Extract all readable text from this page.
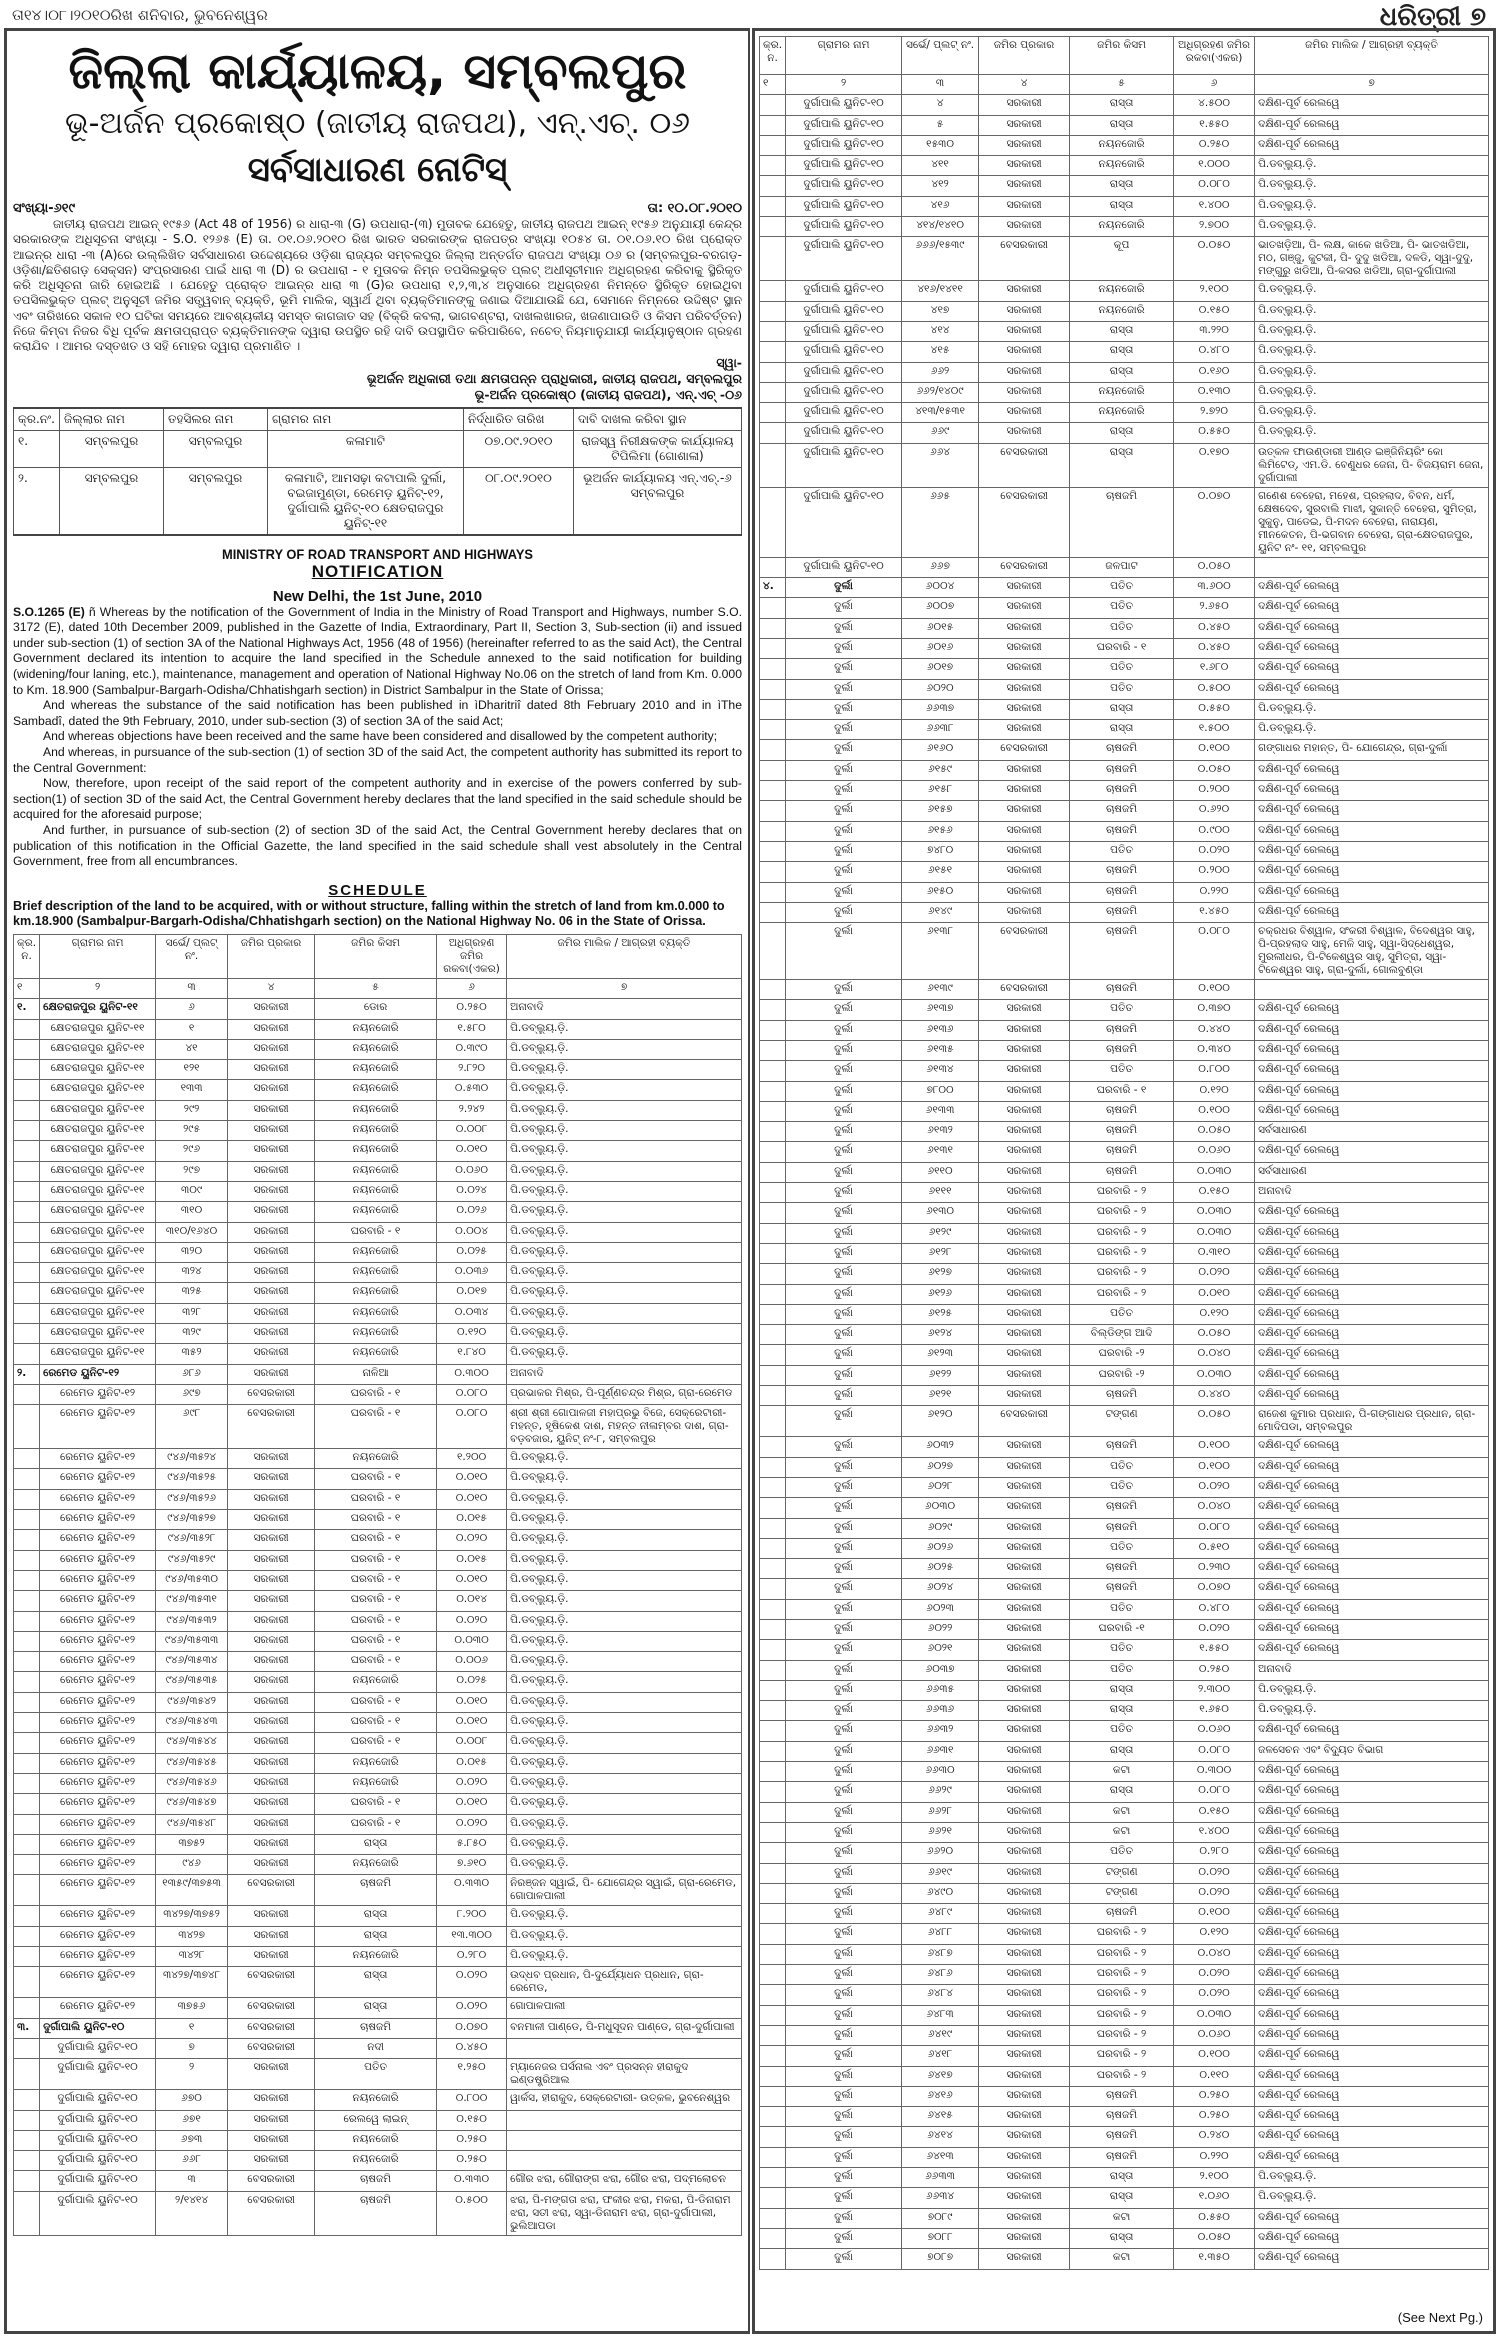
ତା୧୪।୦୮।୨୦୧୦ରିଖ ଶନିବାର, ଭୁବନେଶ୍ୱର	ଧରିତ୍ରୀ ୭
ଜିଲ୍ଲା କାର୍ଯ୍ୟାଳୟ, ସମ୍ବଲପୁର
ଭୂ-ଅର୍ଜନ ପ୍ରକୋଷ୍ଠ (ଜାତୀୟ ରାଜପଥ), ଏନ୍.ଏଚ୍. ୦୬
ସର୍ବସାଧାରଣ ନୋଟିସ୍
ସଂଖ୍ୟା-୬୧୯	ତା: ୧୦.୦୮.୨୦୧୦

ଜାତୀୟ ରାଜପଥ ଆଇନ୍ ୧୯୫୬ (Act 48 of 1956) ର ଧାରା-୩ (G) ଉପଧାରା-(୩) ମୁତାବକ ଯେହେତୁ, ଜାତୀୟ ରାଜପଥ ଆଇନ୍ ୧୯୫୬ ଅନୁଯାୟୀ କେନ୍ଦ୍ର ସରକାରଙ୍କ ଅଧିସୂଚନା ସଂଖ୍ୟା - S.O. ୧୨୬୫ (E) ତା. ୦୧.୦୬.୨୦୧୦ ରିଖ ଭାରତ ସରକାରଙ୍କ ରାଜପତ୍ର ସଂଖ୍ୟା ୧୦୫୪ ତା. ୦୧.୦୬.୧୦ ରିଖ ପ୍ରୋକ୍ତ ଆଇନ୍‌ର ଧାରା -୩ (A)ରେ ଉଲ୍ଲିଖିତ ସର୍ବସାଧାରଣ ଉଦ୍ଦେଶ୍ୟରେ ଓଡ଼ିଶା ରାଜ୍ୟର ସମ୍ବଲପୁର ଜିଲ୍ଲା ଅନ୍ତର୍ଗତ ରାଜପଥ ସଂଖ୍ୟା ୦୬ ର (ସମ୍ବଲପୁର-ବରଗଡ଼-ଓଡ଼ିଶା/ଛତିଶଗଡ଼ ସେକ୍ସନ) ସଂପ୍ରସାରଣ ପାଇଁ ଧାରା ୩ (D) ର ଉପଧାରା - ୧ ମୁତାବକ ନିମ୍ନ ତପସିଲଭୁକ୍ତ ପ୍ଲଟ୍ ଅଧୀସୂଚୀମାନ ଅଧିଗ୍ରହଣ କରିବାକୁ ସ୍ଥିରିକୃତ କରି ଅଧିସୂଚନା ଜାରି ହୋଇଅଛି । ଯେହେତୁ ପ୍ରୋକ୍ତ ଆଇନ୍‌ର ଧାରା ୩ (G)ର ଉପଧାରା ୧,୨,୩,୪ ଅନୁସାରେ ଅଧିଗ୍ରହଣ ନିମନ୍ତେ ସ୍ଥିରିକୃତ ହୋଇଥିବା ତପସିଲଭୁକ୍ତ ପ୍ଲଟ୍ ଅନୁସୂଚୀ ଜମିର ସତ୍ତ୍ୱବାନ୍ ବ୍ୟକ୍ତି, ଭୂମି ମାଲିକ, ସ୍ୱାର୍ଥ ଥିବା ବ୍ୟକ୍ତିମାନଙ୍କୁ ଜଣାଇ ଦିଆଯାଉଛି ଯେ, ସେମାନେ ନିମ୍ନରେ ଉଦ୍ଦିଷ୍ଟ ସ୍ଥାନ ଏବଂ ତାରିଖରେ ସକାଳ ୧୦ ଘଟିକା ସମୟରେ ଆବଶ୍ୟକୀୟ ସମସ୍ତ କାଗଜାତ ସହ (ବିକ୍ରି କବଲା, ଭାଗବଣ୍ଟରା, ଦାଖଲଖାରଜ, ଖଜଣାପାଉତି ଓ କିସମ ପରିବର୍ତ୍ତନ) ନିଜେ କିମ୍ବା ନିଜର ବିଧି ପୂର୍ବକ କ୍ଷମତାପ୍ରାପ୍ତ ବ୍ୟକ୍ତିମାନଙ୍କ ଦ୍ୱାରା ଉପସ୍ଥିତ ରହି ଦାବି ଉପସ୍ଥାପିତ କରିପାରିବେ, ନଚେତ୍ ନିୟମାନୁଯାୟୀ କାର୍ଯ୍ୟାନୁଷ୍ଠାନ ଗ୍ରହଣ କରାଯିବ । ଆମର ଦସ୍ତଖତ ଓ ସହି ମୋହର ଦ୍ୱାରା ପ୍ରମାଣିତ ।

ସ୍ୱା-
ଭୂଅର୍ଜନ ଅଧିକାରୀ ତଥା କ୍ଷମତାପନ୍ନ ପ୍ରାଧିକାରୀ, ଜାତୀୟ ରାଜପଥ, ସମ୍ବଲପୁର
ଭୂ-ଅର୍ଜନ ପ୍ରକୋଷ୍ଠ (ଜାତୀୟ ରାଜପଥ), ଏନ୍.ଏଚ୍ -୦୬
କ୍ର.ନଂ.	ଜିଲ୍ଲାର ନାମ	ତହସିଲର ନାମ	ଗ୍ରାମର ନାମ	ନିର୍ଦ୍ଧାରିତ ତାରିଖ	ଦାବି ଦାଖଲ କରିବା ସ୍ଥାନ
୧.	ସମ୍ବଲପୁର	ସମ୍ବଲପୁର	କଳାମାଟି	୦୭.୦୯.୨୦୧୦	ରାଜସ୍ୱ ନିରୀକ୍ଷକଙ୍କ କାର୍ଯ୍ୟାଳୟ ଟିପିଲିମା (ଗୋଶାଳା)
୨.	ସମ୍ବଲପୁର	ସମ୍ବଲପୁର	କଳାମାଟି, ଆମସଢ଼ା କଟାପାଲି ଦୁର୍ଲା, ବଇଜାମୁଣ୍ଡା, ରେମେଡ଼ ୟୁନିଟ୍-୧୨, ଦୁର୍ଗାପାଲି ୟୁନିଟ୍-୧୦ କ୍ଷେତରାଜପୁର ୟୁନିଟ୍-୧୧	୦୮.୦୯.୨୦୧୦	ଭୂଅର୍ଜନ କାର୍ଯ୍ୟାଳୟ ଏନ୍.ଏଚ୍.-୬ ସମ୍ବଲପୁର
MINISTRY OF ROAD TRANSPORT AND HIGHWAYS
NOTIFICATION
New Delhi, the 1st June, 2010

S.O.1265 (E) ñ Whereas by the notification of the Government of India in the Ministry of Road Transport and Highways, number S.O. 3172 (E), dated 10th December 2009, published in the Gazette of India, Extraordinary, Part II, Section 3, Sub-section (ii) and issued under sub-section (1) of section 3A of the National Highways Act, 1956 (48 of 1956) (hereinafter referred to as the said Act), the Central Government declared its intention to acquire the land specified in the Schedule annexed to the said notification for building (widening/four laning, etc.), maintenance, management and operation of National Highway No.06 on the stretch of land from Km. 0.000 to Km. 18.900 (Sambalpur-Bargarh-Odisha/Chhatishgarh section) in District Sambalpur in the State of Orissa;

And whereas the substance of the said notification has been published in ìDharitriî dated 8th February 2010 and in ìThe Sambadî, dated the 9th February, 2010, under sub-section (3) of section 3A of the said Act;

And whereas objections have been received and the same have been considered and disallowed by the competent authority;

And whereas, in pursuance of the sub-section (1) of section 3D of the said Act, the competent authority has submitted its report to the Central Government:

Now, therefore, upon receipt of the said report of the competent authority and in exercise of the powers conferred by sub-section(1) of section 3D of the said Act, the Central Government hereby declares that the land specified in the said schedule should be acquired for the aforesaid purpose;

And further, in pursuance of sub-section (2) of section 3D of the said Act, the Central Government hereby declares that on publication of this notification in the Official Gazette, the land specified in the said schedule shall vest absolutely in the Central Government, free from all encumbrances.

SCHEDULE

Brief description of the land to be acquired, with or without structure, falling within the stretch of land from km.0.000 to km.18.900 (Sambalpur-Bargarh-Odisha/Chhatishgarh section) on the National Highway No. 06 in the State of Orissa.

କ୍ର. ନ.	ଗ୍ରାମର ନାମ	ସର୍ଭେ/ ପ୍ଲଟ୍ ନଂ.	ଜମିର ପ୍ରକାର	ଜମିର କିସମ	ଅଧିଗ୍ରହଣ ଜମିର ରକବା(ଏକର)	ଜମିର ମାଲିକ / ଆଗ୍ରହୀ ବ୍ୟକ୍ତି
୧	୨	୩	୪	୫	୬	୭
୧.	କ୍ଷେତରାଜପୁର ୟୁନିଟ-୧୧	୬	ସରକାରୀ	ଡୋର	୦.୨୫୦	ଅନାବାଦି
	କ୍ଷେତରାଜପୁର ୟୁନିଟ-୧୧	୧	ସରକାରୀ	ନୟନଜୋରି	୧.୫୮୦	ପି.ଡବ୍ଲ୍ୟୁ.ଡ଼ି.
	କ୍ଷେତରାଜପୁର ୟୁନିଟ-୧୧	୪୧	ସରକାରୀ	ନୟନଜୋରି	୦.୩୯୦	ପି.ଡବ୍ଲ୍ୟୁ.ଡ଼ି.
	କ୍ଷେତରାଜପୁର ୟୁନିଟ-୧୧	୧୨୧	ସରକାରୀ	ନୟନଜୋରି	୨.୮୨୦	ପି.ଡବ୍ଲ୍ୟୁ.ଡ଼ି.
	କ୍ଷେତରାଜପୁର ୟୁନିଟ-୧୧	୧୩୩	ସରକାରୀ	ନୟନଜୋରି	୦.୫୩୦	ପି.ଡବ୍ଲ୍ୟୁ.ଡ଼ି.
	କ୍ଷେତରାଜପୁର ୟୁନିଟ-୧୧	୨୯୨	ସରକାରୀ	ନୟନଜୋରି	୨.୨୪୨	ପି.ଡବ୍ଲ୍ୟୁ.ଡ଼ି.
	କ୍ଷେତରାଜପୁର ୟୁନିଟ-୧୧	୨୯୫	ସରକାରୀ	ନୟନଜୋରି	୦.୦୦୮	ପି.ଡବ୍ଲ୍ୟୁ.ଡ଼ି.
	କ୍ଷେତରାଜପୁର ୟୁନିଟ-୧୧	୨୯୬	ସରକାରୀ	ନୟନଜୋରି	୦.୦୧୦	ପି.ଡବ୍ଲ୍ୟୁ.ଡ଼ି.
	କ୍ଷେତରାଜପୁର ୟୁନିଟ-୧୧	୨୯୭	ସରକାରୀ	ନୟନଜୋରି	୦.୦୬୦	ପି.ଡବ୍ଲ୍ୟୁ.ଡ଼ି.
	କ୍ଷେତରାଜପୁର ୟୁନିଟ-୧୧	୩୦୯	ସରକାରୀ	ନୟନଜୋରି	୦.୦୨୪	ପି.ଡବ୍ଲ୍ୟୁ.ଡ଼ି.
	କ୍ଷେତରାଜପୁର ୟୁନିଟ-୧୧	୩୧୦	ସରକାରୀ	ନୟନଜୋରି	୦.୦୨୬	ପି.ଡବ୍ଲ୍ୟୁ.ଡ଼ି.
	କ୍ଷେତରାଜପୁର ୟୁନିଟ-୧୧	୩୧୦/୧୬୪୦	ସରକାରୀ	ଘରବାରି - ୧	୦.୦୦୪	ପି.ଡବ୍ଲ୍ୟୁ.ଡ଼ି.
	କ୍ଷେତରାଜପୁର ୟୁନିଟ-୧୧	୩୨୦	ସରକାରୀ	ନୟନଜୋରି	୦.୦୨୫	ପି.ଡବ୍ଲ୍ୟୁ.ଡ଼ି.
	କ୍ଷେତରାଜପୁର ୟୁନିଟ-୧୧	୩୨୪	ସରକାରୀ	ନୟନଜୋରି	୦.୦୩୬	ପି.ଡବ୍ଲ୍ୟୁ.ଡ଼ି.
	କ୍ଷେତରାଜପୁର ୟୁନିଟ-୧୧	୩୨୫	ସରକାରୀ	ନୟନଜୋରି	୦.୦୧୭	ପି.ଡବ୍ଲ୍ୟୁ.ଡ଼ି.
	କ୍ଷେତରାଜପୁର ୟୁନିଟ-୧୧	୩୨୮	ସରକାରୀ	ନୟନଜୋରି	୦.୦୩୪	ପି.ଡବ୍ଲ୍ୟୁ.ଡ଼ି.
	କ୍ଷେତରାଜପୁର ୟୁନିଟ-୧୧	୩୨୯	ସରକାରୀ	ନୟନଜୋରି	୦.୧୨୦	ପି.ଡବ୍ଲ୍ୟୁ.ଡ଼ି.
	କ୍ଷେତରାଜପୁର ୟୁନିଟ-୧୧	୩୫୨	ସରକାରୀ	ନୟନଜୋରି	୧.୮୪୦	ପି.ଡବ୍ଲ୍ୟୁ.ଡ଼ି.
୨.	ରେମେଡ ୟୁନିଟ-୧୨	୬୮୬	ସରକାରୀ	ନାଳିଆ	୦.୩୦୦	ଅନାବାଦି
	ରେମେଡ ୟୁନିଟ-୧୨	୬୯୭	ବେସରକାରୀ	ଘରବାରି - ୧	୦.୦୮୦	ପ୍ରଭାକର ମିଶ୍ର, ପି-ପୂର୍ଣ୍ଣଚନ୍ଦ୍ର ମିଶ୍ର, ଗ୍ରା-ରେମେଡ
	ରେମେଡ ୟୁନିଟ-୧୨	୬୯୮	ବେସରକାରୀ	ଘରବାରି - ୧	୦.୦୮୦	ଶ୍ରୀ ଶ୍ରୀ ଗୋପାଳଜୀ ମହାପ୍ରଭୁ ବିଜେ, ସେକ୍ରେଟାରୀ-ମହନ୍ତ, ହୃଷିକେଶ ଦାଶ, ମହନ୍ତ ନୀଳାମ୍ବର ଦାଶ, ଗ୍ରା-ବଡ଼ବଜାର, ୟୁନିଟ୍ ନଂ-୮, ସମ୍ବଲପୁର
	ରେମେଡ ୟୁନିଟ-୧୨	୯୪୬/୩୫୨୪	ସରକାରୀ	ନୟନଜୋରି	୧.୨୦୦	ପି.ଡବ୍ଲ୍ୟୁ.ଡ଼ି.
	ରେମେଡ ୟୁନିଟ-୧୨	୯୪୬/୩୫୨୫	ସରକାରୀ	ଘରବାରି - ୧	୦.୦୧୦	ପି.ଡବ୍ଲ୍ୟୁ.ଡ଼ି.
	ରେମେଡ ୟୁନିଟ-୧୨	୯୪୬/୩୫୨୬	ସରକାରୀ	ଘରବାରି - ୧	୦.୦୧୦	ପି.ଡବ୍ଲ୍ୟୁ.ଡ଼ି.
	ରେମେଡ ୟୁନିଟ-୧୨	୯୪୬/୩୫୨୭	ସରକାରୀ	ଘରବାରି - ୧	୦.୦୧୫	ପି.ଡବ୍ଲ୍ୟୁ.ଡ଼ି.
	ରେମେଡ ୟୁନିଟ-୧୨	୯୪୬/୩୫୨୮	ସରକାରୀ	ଘରବାରି - ୧	୦.୦୨୦	ପି.ଡବ୍ଲ୍ୟୁ.ଡ଼ି.
	ରେମେଡ ୟୁନିଟ-୧୨	୯୪୬/୩୫୨୯	ସରକାରୀ	ଘରବାରି - ୧	୦.୦୧୫	ପି.ଡବ୍ଲ୍ୟୁ.ଡ଼ି.
	ରେମେଡ ୟୁନିଟ-୧୨	୯୪୬/୩୫୩୦	ସରକାରୀ	ଘରବାରି - ୧	୦.୦୧୦	ପି.ଡବ୍ଲ୍ୟୁ.ଡ଼ି.
	ରେମେଡ ୟୁନିଟ-୧୨	୯୪୬/୩୫୩୧	ସରକାରୀ	ଘରବାରି - ୧	୦.୦୧୪	ପି.ଡବ୍ଲ୍ୟୁ.ଡ଼ି.
	ରେମେଡ ୟୁନିଟ-୧୨	୯୪୬/୩୫୩୨	ସରକାରୀ	ଘରବାରି - ୧	୦.୦୨୦	ପି.ଡବ୍ଲ୍ୟୁ.ଡ଼ି.
	ରେମେଡ ୟୁନିଟ-୧୨	୯୪୬/୩୫୩୩	ସରକାରୀ	ଘରବାରି - ୧	୦.୦୩୦	ପି.ଡବ୍ଲ୍ୟୁ.ଡ଼ି.
	ରେମେଡ ୟୁନିଟ-୧୨	୯୪୬/୩୫୩୪	ସରକାରୀ	ଘରବାରି - ୧	୦.୦୦୬	ପି.ଡବ୍ଲ୍ୟୁ.ଡ଼ି.
	ରେମେଡ ୟୁନିଟ-୧୨	୯୪୬/୩୫୩୫	ସରକାରୀ	ନୟନଜୋରି	୦.୦୨୫	ପି.ଡବ୍ଲ୍ୟୁ.ଡ଼ି.
	ରେମେଡ ୟୁନିଟ-୧୨	୯୪୬/୩୫୪୨	ସରକାରୀ	ଘରବାରି - ୧	୦.୦୧୦	ପି.ଡବ୍ଲ୍ୟୁ.ଡ଼ି.
	ରେମେଡ ୟୁନିଟ-୧୨	୯୪୬/୩୫୪୩	ସରକାରୀ	ଘରବାରି - ୧	୦.୦୧୦	ପି.ଡବ୍ଲ୍ୟୁ.ଡ଼ି.
	ରେମେଡ ୟୁନିଟ-୧୨	୯୪୬/୩୫୪୪	ସରକାରୀ	ଘରବାରି - ୧	୦.୦୦୮	ପି.ଡବ୍ଲ୍ୟୁ.ଡ଼ି.
	ରେମେଡ ୟୁନିଟ-୧୨	୯୪୬/୩୫୪୫	ସରକାରୀ	ନୟନଜୋରି	୦.୦୧୫	ପି.ଡବ୍ଲ୍ୟୁ.ଡ଼ି.
	ରେମେଡ ୟୁନିଟ-୧୨	୯୪୬/୩୫୪୬	ସରକାରୀ	ନୟନଜୋରି	୦.୦୨୦	ପି.ଡବ୍ଲ୍ୟୁ.ଡ଼ି.
	ରେମେଡ ୟୁନିଟ-୧୨	୯୪୬/୩୫୪୭	ସରକାରୀ	ଘରବାରି - ୧	୦.୦୧୦	ପି.ଡବ୍ଲ୍ୟୁ.ଡ଼ି.
	ରେମେଡ ୟୁନିଟ-୧୨	୯୪୬/୩୫୪୮	ସରକାରୀ	ଘରବାରି - ୧	୦.୦୨୦	ପି.ଡବ୍ଲ୍ୟୁ.ଡ଼ି.
	ରେମେଡ ୟୁନିଟ-୧୨	୩୭୫୨	ସରକାରୀ	ରାସ୍ତା	୫.୮୫୦	ପି.ଡବ୍ଲ୍ୟୁ.ଡ଼ି.
	ରେମେଡ ୟୁନିଟ-୧୨	୯୪୬	ସରକାରୀ	ନୟନଜୋରି	୭.୬୧୦	ପି.ଡବ୍ଲ୍ୟୁ.ଡ଼ି.
	ରେମେଡ ୟୁନିଟ-୧୨	୧୩୫୯/୩୭୫୩	ବେସରକାରୀ	ଚାଷଜମି	୦.୩୩୦	ନିରଞ୍ଜନ ସ୍ୱାଇଁ, ପି- ଯୋଗେନ୍ଦ୍ର ସ୍ୱାଇଁ, ଗ୍ରା-ରେମେଡ, ଗୋପାଳପାଲୀ
	ରେମେଡ ୟୁନିଟ-୧୨	୩୪୨୭/୩୭୫୨	ସରକାରୀ	ରାସ୍ତା	୮.୨୦୦	ପି.ଡବ୍ଲ୍ୟୁ.ଡ଼ି.
	ରେମେଡ ୟୁନିଟ-୧୨	୩୪୨୭	ସରକାରୀ	ରାସ୍ତା	୧୩.୩୦୦	ପି.ଡବ୍ଲ୍ୟୁ.ଡ଼ି.
	ରେମେଡ ୟୁନିଟ-୧୨	୩୪୨୮	ସରକାରୀ	ନୟନଜୋରି	୦.୨୮୦	ପି.ଡବ୍ଲ୍ୟୁ.ଡ଼ି.
	ରେମେଡ ୟୁନିଟ-୧୨	୩୪୨୭/୩୭୪୮	ବେସରକାରୀ	ରାସ୍ତା	୦.୦୨୦	ଉଦ୍ଧବ ପ୍ରଧାନ, ପି-ଦୁର୍ଯ୍ୟୋଧନ ପ୍ରଧାନ, ଗ୍ରା-ରେମେଡ,
	ରେମେଡ ୟୁନିଟ-୧୨	୩୭୫୬	ବେସରକାରୀ	ରାସ୍ତା	୦.୦୨୦	ଗୋପାଳପାଲୀ
୩.	ଦୁର୍ଗାପାଲି ୟୁନିଟ-୧୦	୧	ବେସରକାରୀ	ଚାଷଜମି	୦.୦୭୦	ବନମାଳୀ ପାଣ୍ଡେ, ପି-ମଧୁସୂଦନ ପାଣ୍ଡେ, ଗ୍ରା-ଦୁର୍ଗାପାଲୀ
	ଦୁର୍ଗାପାଲି ୟୁନିଟ-୧୦	୭	ବେସରକାରୀ	ନଦୀ	୦.୪୫୦	
	ଦୁର୍ଗାପାଲି ୟୁନିଟ-୧୦	୨	ସରକାରୀ	ପତିତ	୧.୨୫୦	ମ୍ୟାନେଜର ପର୍ସନାଲ ଏବଂ ପ୍ରସନ୍ନ ହୀରାକୁଦ ଇଣ୍ଡଷ୍ଟ୍ରିଆଲ
	ଦୁର୍ଗାପାଲି ୟୁନିଟ-୧୦	୬୭୦	ସରକାରୀ	ନୟନଜୋରି	୦.୮୦୦	ୱାର୍କସ, ହୀରାକୁଦ, ସେକ୍ରେଟାରୀ- ଉତ୍କଳ, ଭୁବନେଶ୍ୱର
	ଦୁର୍ଗାପାଲି ୟୁନିଟ-୧୦	୬୭୧	ସରକାରୀ	ରେଲୱେ ଲାଇନ୍	୦.୧୫୦	
	ଦୁର୍ଗାପାଲି ୟୁନିଟ-୧୦	୬୭୩	ସରକାରୀ	ନୟନଜୋରି	୦.୨୫୦	
	ଦୁର୍ଗାପାଲି ୟୁନିଟ-୧୦	୬୬୮	ସରକାରୀ	ନୟନଜୋରି	୦.୨୫୦	
	ଦୁର୍ଗାପାଲି ୟୁନିଟ-୧୦	୩	ବେସରକାରୀ	ଚାଷଜମି	୦.୩୩୦	ଗୌର ଝରା, ଗୌରାଙ୍ଗ ଝରା, ଗୌର ଝରା, ପଦ୍ମଲୋଚନ
	ଦୁର୍ଗାପାଲି ୟୁନିଟ-୧୦	୨/୧୪୧୪	ବେସରକାରୀ	ଚାଷଜମି	୦.୫୦୦	ଝରା, ପି-ମଙ୍ଗତା ଝରା, ଫକୀର ଝରା, ମକରା, ପି-ଡିନାରାମ ଝରା, ସତୀ ଝରା, ସ୍ୱା-ଡିନାରାମ ଝରା, ଗ୍ରା-ଦୁର୍ଗାପାଲୀ, ଭୁଲିଆପଡା
କ୍ର. ନ.	ଗ୍ରାମର ନାମ	ସର୍ଭେ/ ପ୍ଲଟ୍ ନଂ.	ଜମିର ପ୍ରକାର	ଜମିର କିସମ	ଅଧିଗ୍ରହଣ ଜମିର ରକବା(ଏକର)	ଜମିର ମାଲିକ / ଆଗ୍ରହୀ ବ୍ୟକ୍ତି
୧	୨	୩	୪	୫	୬	୭
	ଦୁର୍ଗାପାଲି ୟୁନିଟ-୧୦	୪	ସରକାରୀ	ରାସ୍ତା	୪.୫୦୦	ଦକ୍ଷିଣ-ପୂର୍ବ ରେଲୱେ
	ଦୁର୍ଗାପାଲି ୟୁନିଟ-୧୦	୫	ସରକାରୀ	ରାସ୍ତା	୧.୫୫୦	ଦକ୍ଷିଣ-ପୂର୍ବ ରେଲୱେ
	ଦୁର୍ଗାପାଲି ୟୁନିଟ-୧୦	୧୫୩୦	ସରକାରୀ	ନୟନଜୋରି	୦.୨୫୦	ଦକ୍ଷିଣ-ପୂର୍ବ ରେଲୱେ
	ଦୁର୍ଗାପାଲି ୟୁନିଟ-୧୦	୪୧୧	ସରକାରୀ	ନୟନଜୋରି	୧.୦୦୦	ପି.ଡବ୍ଲ୍ୟୁ.ଡ଼ି.
	ଦୁର୍ଗାପାଲି ୟୁନିଟ-୧୦	୪୧୨	ସରକାରୀ	ରାସ୍ତା	୦.୦୮୦	ପି.ଡବ୍ଲ୍ୟୁ.ଡ଼ି.
	ଦୁର୍ଗାପାଲି ୟୁନିଟ-୧୦	୪୧୬	ସରକାରୀ	ରାସ୍ତା	୧.୪୦୦	ପି.ଡବ୍ଲ୍ୟୁ.ଡ଼ି.
	ଦୁର୍ଗାପାଲି ୟୁନିଟ-୧୦	୪୧୪/୧୪୧୦	ସରକାରୀ	ନୟନଜୋରି	୨.୭୦୦	ପି.ଡବ୍ଲ୍ୟୁ.ଡ଼ି.
	ଦୁର୍ଗାପାଲି ୟୁନିଟ-୧୦	୬୬୬/୧୫୩୯	ବେସରକାରୀ	କୂପ	୦.୦୫୦	ଭାତଖଡ଼ିଆ, ପି- ଲକ୍ଷ, କାକେ ଖଡିଆ, ପି- ଭାତଖଡିଆ, ମଠ, ଗଞ୍ଜୁ, କୁଟକୀ, ପି- ଦୁଦୁ ଖଡିଆ, ଦଳଡି, ସ୍ୱା-ଦୁଦୁ, ମଙ୍ଗୁରୁ ଖଡିଆ, ପି-କସର ଖଡିଆ, ଗ୍ରା-ଦୁର୍ଗାପାଲୀ
	ଦୁର୍ଗାପାଲି ୟୁନିଟ-୧୦	୪୧୬/୧୪୧୧	ସରକାରୀ	ନୟନଜୋରି	୨.୧୦୦	ପି.ଡବ୍ଲ୍ୟୁ.ଡ଼ି.
	ଦୁର୍ଗାପାଲି ୟୁନିଟ-୧୦	୪୧୭	ସରକାରୀ	ନୟନଜୋରି	୦.୧୫୦	ପି.ଡବ୍ଲ୍ୟୁ.ଡ଼ି.
	ଦୁର୍ଗାପାଲି ୟୁନିଟ-୧୦	୪୧୪	ସରକାରୀ	ରାସ୍ତା	୩.୨୨୦	ପି.ଡବ୍ଲ୍ୟୁ.ଡ଼ି.
	ଦୁର୍ଗାପାଲି ୟୁନିଟ-୧୦	୪୧୫	ସରକାରୀ	ରାସ୍ତା	୦.୪୮୦	ପି.ଡବ୍ଲ୍ୟୁ.ଡ଼ି.
	ଦୁର୍ଗାପାଲି ୟୁନିଟ-୧୦	୬୬୨	ସରକାରୀ	ରାସ୍ତା	୦.୧୬୦	ପି.ଡବ୍ଲ୍ୟୁ.ଡ଼ି.
	ଦୁର୍ଗାପାଲି ୟୁନିଟ-୧୦	୬୬୨/୧୪୦୯	ସରକାରୀ	ନୟନଜୋରି	୦.୧୩୦	ପି.ଡବ୍ଲ୍ୟୁ.ଡ଼ି.
	ଦୁର୍ଗାପାଲି ୟୁନିଟ-୧୦	୪୧୩/୧୫୩୧	ସରକାରୀ	ନୟନଜୋରି	୨.୭୨୦	ପି.ଡବ୍ଲ୍ୟୁ.ଡ଼ି.
	ଦୁର୍ଗାପାଲି ୟୁନିଟ-୧୦	୬୬୯	ସରକାରୀ	ରାସ୍ତା	୦.୫୫୦	ପି.ଡବ୍ଲ୍ୟୁ.ଡ଼ି.
	ଦୁର୍ଗାପାଲି ୟୁନିଟ-୧୦	୬୬୪	ବେସରକାରୀ	ରାସ୍ତା	୦.୧୭୦	ଉତ୍କଳ ଫାଉଣ୍ଡାରୀ ଆଣ୍ଡ ଇଞ୍ଜିନିୟରିଂ କୋ ଲିମିଟେଡ୍, ଏମ.ଡି. ବେଣୁଧର ଜେନା, ପି- ବିଜୟରାମ ଜେନା, ଦୁର୍ଗାପାଲୀ
	ଦୁର୍ଗାପାଲି ୟୁନିଟ-୧୦	୬୬୫	ବେସରକାରୀ	ଚାଷଜମି	୦.୦୭୦	ଗଣେଶ ବେହେରା, ମହେଶ, ପ୍ରହଲାଦ, ବିବନ, ଧର୍ମ, କ୍ଷେଷଦେବ, ସୁରବାଲି ମାଝୀ, ସୁକାନ୍ତି ବେହେରା, ସୁମିତ୍ରା, ସୁକୁନୁ, ପାଡେଇ, ପି-ମଦନ ବେହେରା, ନାରାୟଣ, ମୀନକେତନ, ପି-ଭଗବାନ ବେହେରା, ଗ୍ରା-କ୍ଷେତରାଜପୁର, ୟୁନିଟ ନଂ- ୧୧, ସମ୍ବଲପୁର
	ଦୁର୍ଗାପାଲି ୟୁନିଟ-୧୦	୬୬୭	ବେସରକାରୀ	ଜଳପାଟ	୦.୦୫୦	
୪.	ଦୁର୍ଲା	୬୦୦୪	ସରକାରୀ	ପତିତ	୩.୬୦୦	ଦକ୍ଷିଣ-ପୂର୍ବ ରେଲୱେ
	ଦୁର୍ଲା	୬୦୦୭	ସରକାରୀ	ପତିତ	୨.୬୫୦	ଦକ୍ଷିଣ-ପୂର୍ବ ରେଲୱେ
	ଦୁର୍ଲା	୬୦୧୫	ସରକାରୀ	ପତିତ	୦.୪୫୦	ଦକ୍ଷିଣ-ପୂର୍ବ ରେଲୱେ
	ଦୁର୍ଲା	୬୦୧୬	ସରକାରୀ	ଘରବାରି - ୧	୦.୪୫୦	ଦକ୍ଷିଣ-ପୂର୍ବ ରେଲୱେ
	ଦୁର୍ଲା	୬୦୧୭	ସରକାରୀ	ପତିତ	୧.୬୮୦	ଦକ୍ଷିଣ-ପୂର୍ବ ରେଲୱେ
	ଦୁର୍ଲା	୬୦୨୦	ସରକାରୀ	ପତିତ	୦.୫୦୦	ଦକ୍ଷିଣ-ପୂର୍ବ ରେଲୱେ
	ଦୁର୍ଲା	୬୬୩୭	ସରକାରୀ	ରାସ୍ତା	୦.୫୫୦	ପି.ଡବ୍ଲ୍ୟୁ.ଡ଼ି.
	ଦୁର୍ଲା	୬୬୩୮	ସରକାରୀ	ରାସ୍ତା	୧.୫୦୦	ପି.ଡବ୍ଲ୍ୟୁ.ଡ଼ି.
	ଦୁର୍ଲା	୬୧୬୦	ବେସରକାରୀ	ଚାଷଜମି	୦.୧୦୦	ଗଙ୍ଗାଧର ମହାନ୍ତ, ପି- ଯୋଗେନ୍ଦ୍ର, ଗ୍ରା-ଦୁର୍ଲା
	ଦୁର୍ଲା	୬୧୫୯	ସରକାରୀ	ଚାଷଜମି	୦.୦୫୦	ଦକ୍ଷିଣ-ପୂର୍ବ ରେଲୱେ
	ଦୁର୍ଲା	୬୧୫୮	ସରକାରୀ	ଚାଷଜମି	୦.୨୦୦	ଦକ୍ଷିଣ-ପୂର୍ବ ରେଲୱେ
	ଦୁର୍ଲା	୬୧୫୭	ସରକାରୀ	ଚାଷଜମି	୦.୬୨୦	ଦକ୍ଷିଣ-ପୂର୍ବ ରେଲୱେ
	ଦୁର୍ଲା	୬୧୫୬	ସରକାରୀ	ଚାଷଜମି	୦.୯୦୦	ଦକ୍ଷିଣ-ପୂର୍ବ ରେଲୱେ
	ଦୁର୍ଲା	୭୪୮୦	ସରକାରୀ	ପତିତ	୦.୦୨୦	ଦକ୍ଷିଣ-ପୂର୍ବ ରେଲୱେ
	ଦୁର୍ଲା	୬୧୫୧	ସରକାରୀ	ଚାଷଜମି	୦.୨୦୦	ଦକ୍ଷିଣ-ପୂର୍ବ ରେଲୱେ
	ଦୁର୍ଲା	୬୧୫୦	ସରକାରୀ	ଚାଷଜମି	୦.୨୨୦	ଦକ୍ଷିଣ-ପୂର୍ବ ରେଲୱେ
	ଦୁର୍ଲା	୬୧୪୯	ସରକାରୀ	ଚାଷଜମି	୧.୪୫୦	ଦକ୍ଷିଣ-ପୂର୍ବ ରେଲୱେ
	ଦୁର୍ଲା	୬୧୩୮	ବେସରକାରୀ	ଚାଷଜମି	୦.୦୮୦	ଚକ୍ରଧର ବିଶ୍ୱାଳ, ସଂକରୀ ବିଶ୍ୱାଳ, ବିଦେଶ୍ୱର ସାହୁ, ପି-ପ୍ରହଲାଦ ସାହୁ, ମେଳି ସାହୁ, ସ୍ୱା-ସିଦ୍ଧେଶ୍ୱର, ମୁରଲୀଧର, ପି-ଟିକେଶ୍ୱର ସାହୁ, ସୁମିତ୍ରା, ସ୍ୱା-ଟିକେଶ୍ୱର ସାହୁ, ଗ୍ରା-ଦୁର୍ଲା, ଗୋଲବୁଣ୍ଡା
	ଦୁର୍ଲା	୬୧୩୯	ବେସରକାରୀ	ଚାଷଜମି	୦.୧୦୦	
	ଦୁର୍ଲା	୬୧୩୭	ସରକାରୀ	ପତିତ	୦.୩୭୦	ଦକ୍ଷିଣ-ପୂର୍ବ ରେଲୱେ
	ଦୁର୍ଲା	୬୧୩୬	ସରକାରୀ	ଚାଷଜମି	୦.୪୪୦	ଦକ୍ଷିଣ-ପୂର୍ବ ରେଲୱେ
	ଦୁର୍ଲା	୬୧୩୫	ସରକାରୀ	ଚାଷଜମି	୦.୩୪୦	ଦକ୍ଷିଣ-ପୂର୍ବ ରେଲୱେ
	ଦୁର୍ଲା	୬୧୩୪	ସରକାରୀ	ପତିତ	୦.୮୦୦	ଦକ୍ଷିଣ-ପୂର୍ବ ରେଲୱେ
	ଦୁର୍ଲା	୭୮୦୦	ସରକାରୀ	ଘରବାରି - ୧	୦.୧୨୦	ଦକ୍ଷିଣ-ପୂର୍ବ ରେଲୱେ
	ଦୁର୍ଲା	୬୧୩୩	ସରକାରୀ	ଚାଷଜମି	୦.୧୦୦	ଦକ୍ଷିଣ-ପୂର୍ବ ରେଲୱେ
	ଦୁର୍ଲା	୬୧୩୨	ସରକାରୀ	ଚାଷଜମି	୦.୦୫୦	ସର୍ବସାଧାରଣ
	ଦୁର୍ଲା	୬୧୩୧	ସରକାରୀ	ଚାଷଜମି	୦.୦୬୦	ଦକ୍ଷିଣ-ପୂର୍ବ ରେଲୱେ
	ଦୁର୍ଲା	୬୧୧୦	ସରକାରୀ	ଚାଷଜମି	୦.୦୩୦	ସର୍ବସାଧାରଣ
	ଦୁର୍ଲା	୬୧୧୧	ସରକାରୀ	ଘରବାରି - ୨	୦.୧୫୦	ଅନାବାଦି
	ଦୁର୍ଲା	୬୧୩୦	ସରକାରୀ	ଘରବାରି - ୨	୦.୦୩୦	ଦକ୍ଷିଣ-ପୂର୍ବ ରେଲୱେ
	ଦୁର୍ଲା	୬୧୨୯	ସରକାରୀ	ଘରବାରି - ୨	୦.୦୩୦	ଦକ୍ଷିଣ-ପୂର୍ବ ରେଲୱେ
	ଦୁର୍ଲା	୬୧୨୮	ସରକାରୀ	ଘରବାରି - ୨	୦.୩୧୦	ଦକ୍ଷିଣ-ପୂର୍ବ ରେଲୱେ
	ଦୁର୍ଲା	୬୧୨୭	ସରକାରୀ	ଘରବାରି - ୨	୦.୦୨୦	ଦକ୍ଷିଣ-ପୂର୍ବ ରେଲୱେ
	ଦୁର୍ଲା	୬୧୨୬	ସରକାରୀ	ଘରବାରି - ୨	୦.୦୧୦	ଦକ୍ଷିଣ-ପୂର୍ବ ରେଲୱେ
	ଦୁର୍ଲା	୬୧୨୫	ସରକାରୀ	ପତିତ	୦.୧୨୦	ଦକ୍ଷିଣ-ପୂର୍ବ ରେଲୱେ
	ଦୁର୍ଲା	୬୧୨୪	ସରକାରୀ	ବିଲ୍ଡିଙ୍ଗ ଆଦି	୦.୦୫୦	ଦକ୍ଷିଣ-ପୂର୍ବ ରେଲୱେ
	ଦୁର୍ଲା	୬୧୨୩	ସରକାରୀ	ଘରବାରି -୨	୦.୦୪୦	ଦକ୍ଷିଣ-ପୂର୍ବ ରେଲୱେ
	ଦୁର୍ଲା	୬୧୨୨	ସରକାରୀ	ଘରବାରି -୨	୦.୦୩୦	ଦକ୍ଷିଣ-ପୂର୍ବ ରେଲୱେ
	ଦୁର୍ଲା	୬୧୨୧	ସରକାରୀ	ଚାଷଜମି	୦.୪୪୦	ଦକ୍ଷିଣ-ପୂର୍ବ ରେଲୱେ
	ଦୁର୍ଲା	୬୧୨୦	ବେସରକାରୀ	ଟଙ୍ଗଣ	୦.୦୫୦	ରାଜେଶ କୁମାର ପ୍ରଧାନ, ପି-ଗଙ୍ଗାଧର ପ୍ରଧାନ, ଗ୍ରା-ମୋଦିପଡା, ସମ୍ବଲପୁର
	ଦୁର୍ଲା	୬୦୩୨	ସରକାରୀ	ଚାଷଜମି	୦.୧୦୦	ଦକ୍ଷିଣ-ପୂର୍ବ ରେଲୱେ
	ଦୁର୍ଲା	୬୦୨୭	ସରକାରୀ	ପତିତ	୦.୧୦୦	ଦକ୍ଷିଣ-ପୂର୍ବ ରେଲୱେ
	ଦୁର୍ଲା	୬୦୨୮	ସରକାରୀ	ପତିତ	୦.୦୨୦	ଦକ୍ଷିଣ-ପୂର୍ବ ରେଲୱେ
	ଦୁର୍ଲା	୬୦୩୦	ସରକାରୀ	ଚାଷଜମି	୦.୦୪୦	ଦକ୍ଷିଣ-ପୂର୍ବ ରେଲୱେ
	ଦୁର୍ଲା	୬୦୨୯	ସରକାରୀ	ଚାଷଜମି	୦.୦୮୦	ଦକ୍ଷିଣ-ପୂର୍ବ ରେଲୱେ
	ଦୁର୍ଲା	୬୦୨୬	ସରକାରୀ	ପତିତ	୦.୫୧୦	ଦକ୍ଷିଣ-ପୂର୍ବ ରେଲୱେ
	ଦୁର୍ଲା	୬୦୨୫	ସରକାରୀ	ଚାଷଜମି	୦.୨୩୦	ଦକ୍ଷିଣ-ପୂର୍ବ ରେଲୱେ
	ଦୁର୍ଲା	୬୦୨୪	ସରକାରୀ	ଚାଷଜମି	୦.୦୭୦	ଦକ୍ଷିଣ-ପୂର୍ବ ରେଲୱେ
	ଦୁର୍ଲା	୬୦୨୩	ସରକାରୀ	ପତିତ	୦.୪୮୦	ଦକ୍ଷିଣ-ପୂର୍ବ ରେଲୱେ
	ଦୁର୍ଲା	୬୦୨୨	ସରକାରୀ	ଘରବାରି -୧	୦.୦୨୦	ଦକ୍ଷିଣ-ପୂର୍ବ ରେଲୱେ
	ଦୁର୍ଲା	୬୦୨୧	ସରକାରୀ	ପତିତ	୧.୫୫୦	ଦକ୍ଷିଣ-ପୂର୍ବ ରେଲୱେ
	ଦୁର୍ଲା	୬୦୩୭	ସରକାରୀ	ପତିତ	୦.୨୫୦	ଅନାବାଦି
	ଦୁର୍ଲା	୬୬୩୫	ସରକାରୀ	ରାସ୍ତା	୨.୩୦୦	ପି.ଡବ୍ଲ୍ୟୁ.ଡ଼ି.
	ଦୁର୍ଲା	୬୬୩୬	ସରକାରୀ	ରାସ୍ତା	୧.୬୫୦	ପି.ଡବ୍ଲ୍ୟୁ.ଡ଼ି.
	ଦୁର୍ଲା	୬୬୩୨	ସରକାରୀ	ପତିତ	୦.୦୬୦	ଦକ୍ଷିଣ-ପୂର୍ବ ରେଲୱେ
	ଦୁର୍ଲା	୬୬୩୧	ସରକାରୀ	ରାସ୍ତା	୦.୦୮୦	ଜଳସେଚନ ଏବଂ ବିଦ୍ୟୁତ ବିଭାଗ
	ଦୁର୍ଲା	୬୬୩୦	ସରକାରୀ	କଟା	୦.୩୦୦	ଦକ୍ଷିଣ-ପୂର୍ବ ରେଲୱେ
	ଦୁର୍ଲା	୬୬୨୯	ସରକାରୀ	ରାସ୍ତା	୦.୦୮୦	ଦକ୍ଷିଣ-ପୂର୍ବ ରେଲୱେ
	ଦୁର୍ଲା	୬୬୨୮	ସରକାରୀ	କଟା	୦.୧୫୦	ଦକ୍ଷିଣ-ପୂର୍ବ ରେଲୱେ
	ଦୁର୍ଲା	୬୬୨୧	ସରକାରୀ	କଟା	୧.୪୦୦	ଦକ୍ଷିଣ-ପୂର୍ବ ରେଲୱେ
	ଦୁର୍ଲା	୬୬୨୦	ସରକାରୀ	ପତିତ	୦.୨୮୦	ଦକ୍ଷିଣ-ପୂର୍ବ ରେଲୱେ
	ଦୁର୍ଲା	୬୬୧୯	ସରକାରୀ	ଟଙ୍ଗଣ	୦.୦୨୦	ଦକ୍ଷିଣ-ପୂର୍ବ ରେଲୱେ
	ଦୁର୍ଲା	୬୪୯୦	ସରକାରୀ	ଟଙ୍ଗଣ	୦.୦୨୦	ଦକ୍ଷିଣ-ପୂର୍ବ ରେଲୱେ
	ଦୁର୍ଲା	୬୪୮୯	ସରକାରୀ	ଚାଷଜମି	୦.୧୦୦	ଦକ୍ଷିଣ-ପୂର୍ବ ରେଲୱେ
	ଦୁର୍ଲା	୬୪୮୮	ସରକାରୀ	ଘରବାରି - ୨	୦.୧୨୦	ଦକ୍ଷିଣ-ପୂର୍ବ ରେଲୱେ
	ଦୁର୍ଲା	୬୪୮୭	ସରକାରୀ	ଘରବାରି - ୨	୦.୦୪୦	ଦକ୍ଷିଣ-ପୂର୍ବ ରେଲୱେ
	ଦୁର୍ଲା	୬୪୮୬	ସରକାରୀ	ଘରବାରି - ୨	୦.୦୨୦	ଦକ୍ଷିଣ-ପୂର୍ବ ରେଲୱେ
	ଦୁର୍ଲା	୬୪୮୪	ସରକାରୀ	ଘରବାରି - ୨	୦.୦୨୦	ଦକ୍ଷିଣ-ପୂର୍ବ ରେଲୱେ
	ଦୁର୍ଲା	୬୪୮୩	ସରକାରୀ	ଘରବାରି - ୨	୦.୦୩୦	ଦକ୍ଷିଣ-ପୂର୍ବ ରେଲୱେ
	ଦୁର୍ଲା	୬୪୧୯	ସରକାରୀ	ଘରବାରି - ୨	୦.୦୬୦	ଦକ୍ଷିଣ-ପୂର୍ବ ରେଲୱେ
	ଦୁର୍ଲା	୬୪୧୮	ସରକାରୀ	ଘରବାରି - ୨	୦.୧୦୦	ଦକ୍ଷିଣ-ପୂର୍ବ ରେଲୱେ
	ଦୁର୍ଲା	୬୪୧୭	ସରକାରୀ	ଘରବାରି - ୨	୦.୧୧୦	ଦକ୍ଷିଣ-ପୂର୍ବ ରେଲୱେ
	ଦୁର୍ଲା	୬୪୧୬	ସରକାରୀ	ଚାଷଜମି	୦.୨୫୦	ଦକ୍ଷିଣ-ପୂର୍ବ ରେଲୱେ
	ଦୁର୍ଲା	୬୪୧୫	ସରକାରୀ	ଚାଷଜମି	୦.୨୫୦	ଦକ୍ଷିଣ-ପୂର୍ବ ରେଲୱେ
	ଦୁର୍ଲା	୬୪୧୪	ସରକାରୀ	ଚାଷଜମି	୦.୨୪୦	ଦକ୍ଷିଣ-ପୂର୍ବ ରେଲୱେ
	ଦୁର୍ଲା	୬୪୧୩	ସରକାରୀ	ଚାଷଜମି	୦.୨୨୦	ଦକ୍ଷିଣ-ପୂର୍ବ ରେଲୱେ
	ଦୁର୍ଲା	୬୬୩୩	ସରକାରୀ	ରାସ୍ତା	୨.୧୦୦	ପି.ଡବ୍ଲ୍ୟୁ.ଡ଼ି.
	ଦୁର୍ଲା	୬୬୩୪	ସରକାରୀ	ରାସ୍ତା	୧.୦୬୦	ପି.ଡବ୍ଲ୍ୟୁ.ଡ଼ି.
	ଦୁର୍ଲା	୭୦୮୯	ସରକାରୀ	କଟା	୦.୫୫୦	ଦକ୍ଷିଣ-ପୂର୍ବ ରେଲୱେ
	ଦୁର୍ଲା	୭୦୮୮	ସରକାରୀ	ରାସ୍ତା	୦.୦୫୦	ଦକ୍ଷିଣ-ପୂର୍ବ ରେଲୱେ
	ଦୁର୍ଲା	୭୦୮୭	ସରକାରୀ	କଟା	୧.୩୫୦	ଦକ୍ଷିଣ-ପୂର୍ବ ରେଲୱେ
(See Next Pg.)
